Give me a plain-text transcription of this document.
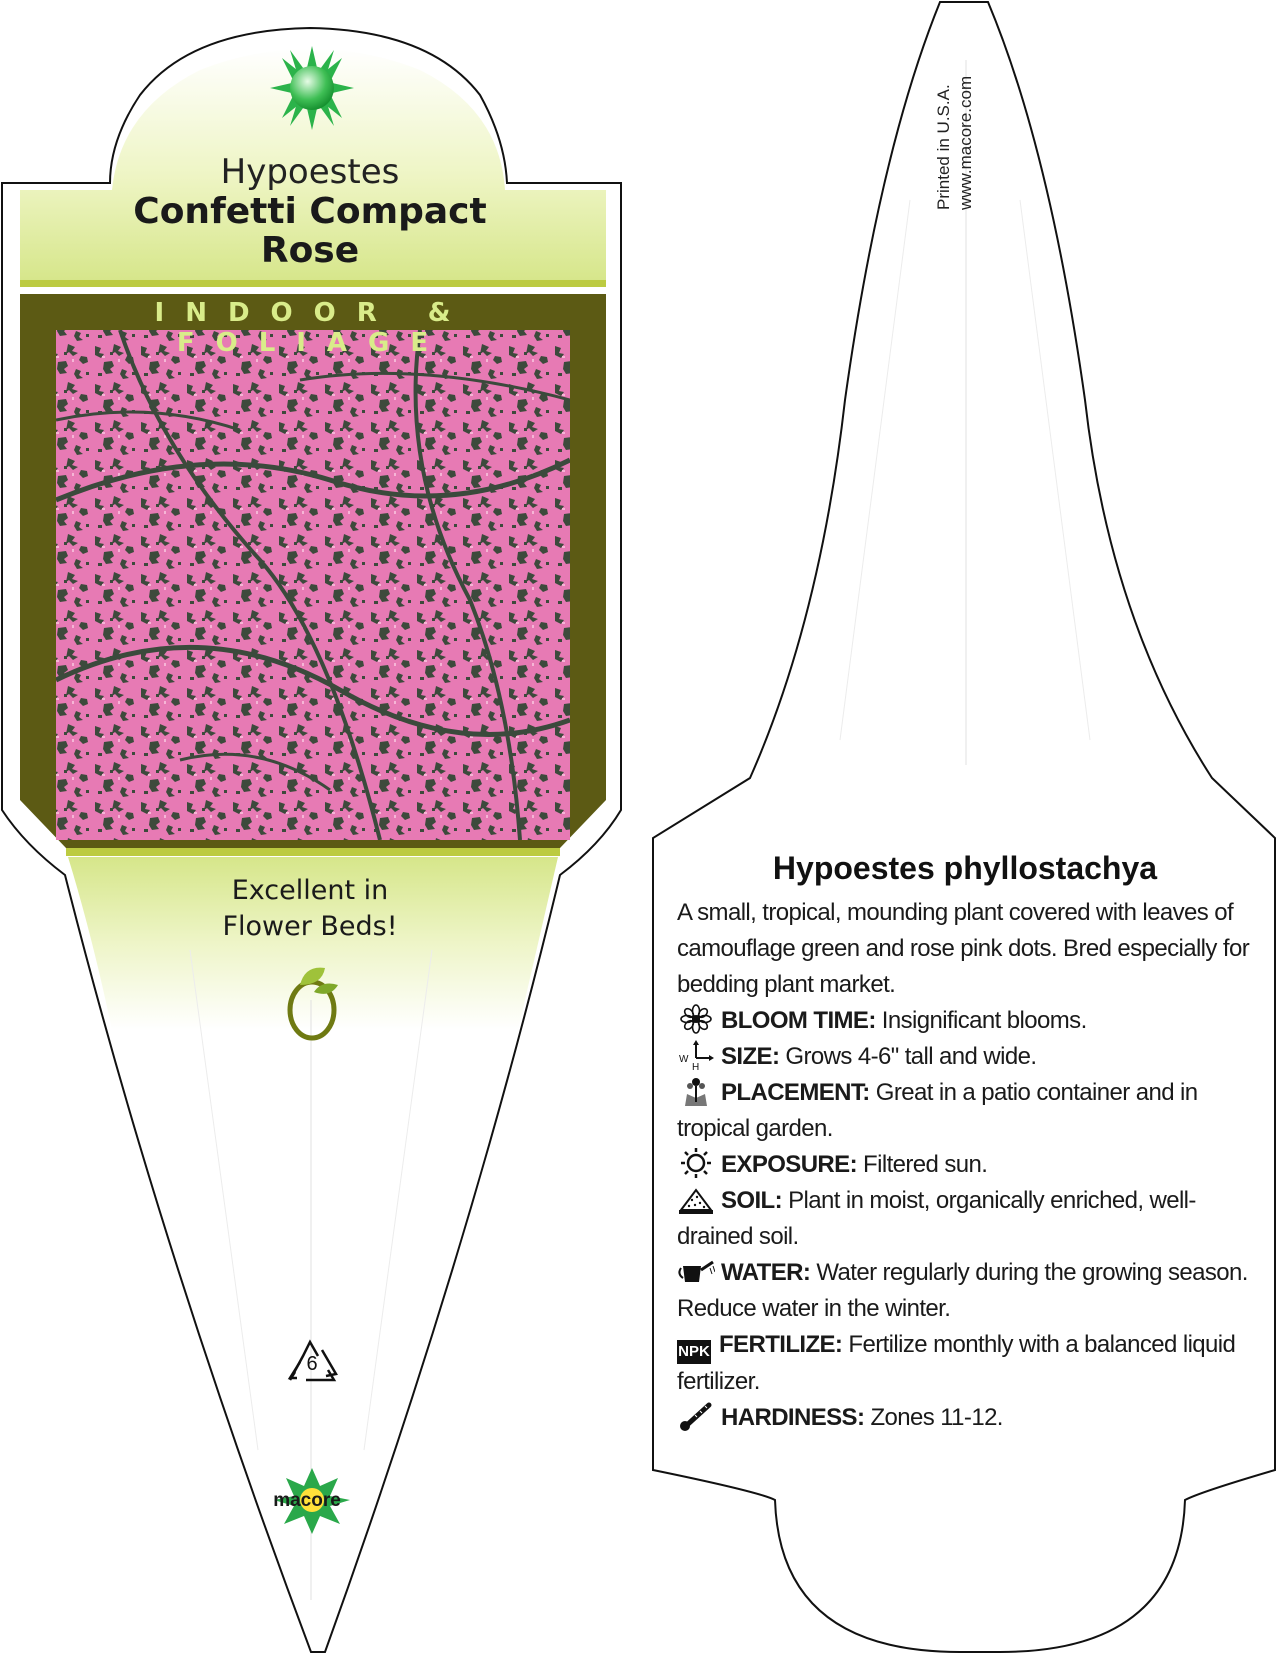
Hypoestes
Confetti Compact
Rose
INDOOR & FOLIAGE
Excellent in
Flower Beds!
6
macore
Printed in U.S.A. www.macore.com
Hypoestes phyllostachya

A small, tropical, mounding plant covered with leaves of camouflage green and rose pink dots. Bred especially for bedding plant market.

BLOOM TIME: Insignificant blooms.

W
H SIZE: Grows 4-6" tall and wide.

PLACEMENT: Great in a patio container and in tropical garden.

EXPOSURE: Filtered sun.

SOIL: Plant in moist, organically enriched, well-drained soil.

WATER: Water regularly during the growing season. Reduce water in the winter.

NPK FERTILIZE: Fertilize monthly with a balanced liquid fertilizer.

HARDINESS: Zones 11-12.
